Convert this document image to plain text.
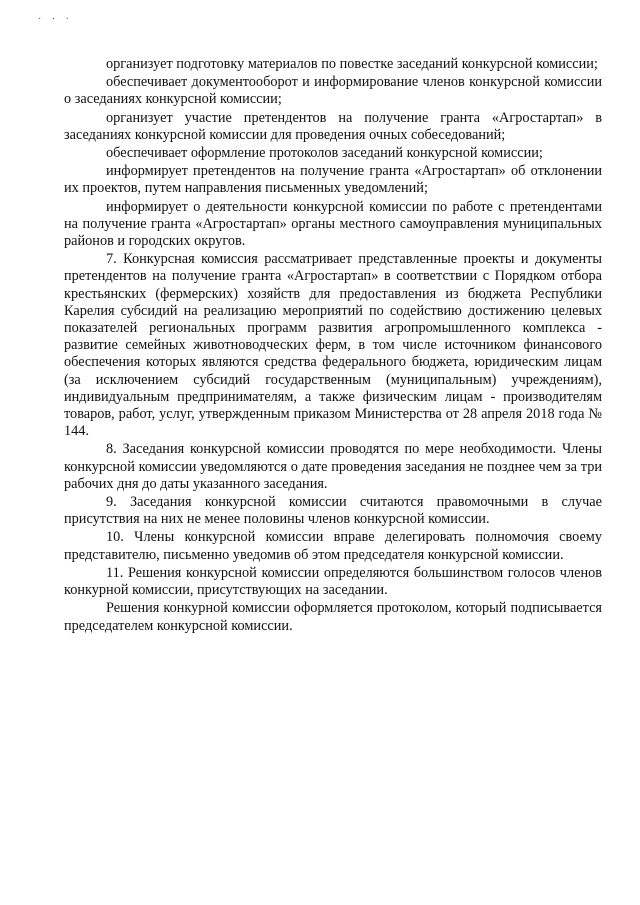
· · ·

организует подготовку материалов по повестке заседаний конкурсной комиссии;

обеспечивает документооборот и информирование членов конкурсной комиссии о заседаниях конкурсной комиссии;

организует участие претендентов на получение гранта «Агростартап» в заседаниях конкурсной комиссии для проведения очных собеседований;

обеспечивает оформление протоколов заседаний конкурсной комиссии;

информирует претендентов на получение гранта «Агростартап» об отклонении их проектов, путем направления письменных уведомлений;

информирует о деятельности конкурсной комиссии по работе с претендентами на получение гранта «Агростартап» органы местного самоуправления муниципальных районов и городских округов.

7. Конкурсная комиссия рассматривает представленные проекты и документы претендентов на получение гранта «Агростартап» в соответствии с Порядком отбора крестьянских (фермерских) хозяйств для предоставления из бюджета Республики Карелия субсидий на реализацию мероприятий по содействию достижению целевых показателей региональных программ развития агропромышленного комплекса - развитие семейных животноводческих ферм, в том числе источником финансового обеспечения которых являются средства федерального бюджета, юридическим лицам (за исключением субсидий государственным (муниципальным) учреждениям), индивидуальным предпринимателям, а также физическим лицам - производителям товаров, работ, услуг, утвержденным приказом Министерства от 28 апреля 2018 года № 144.

8. Заседания конкурсной комиссии проводятся по мере необходимости. Члены конкурсной комиссии уведомляются о дате проведения заседания не позднее чем за три рабочих дня до даты указанного заседания.

9. Заседания конкурсной комиссии считаются правомочными в случае присутствия на них не менее половины членов конкурсной комиссии.

10. Члены конкурсной комиссии вправе делегировать полномочия своему представителю, письменно уведомив об этом председателя конкурсной комиссии.

11. Решения конкурсной комиссии определяются большинством голосов членов конкурной комиссии, присутствующих на заседании.

Решения конкурной комиссии оформляется протоколом, который подписывается председателем конкурсной комиссии.
